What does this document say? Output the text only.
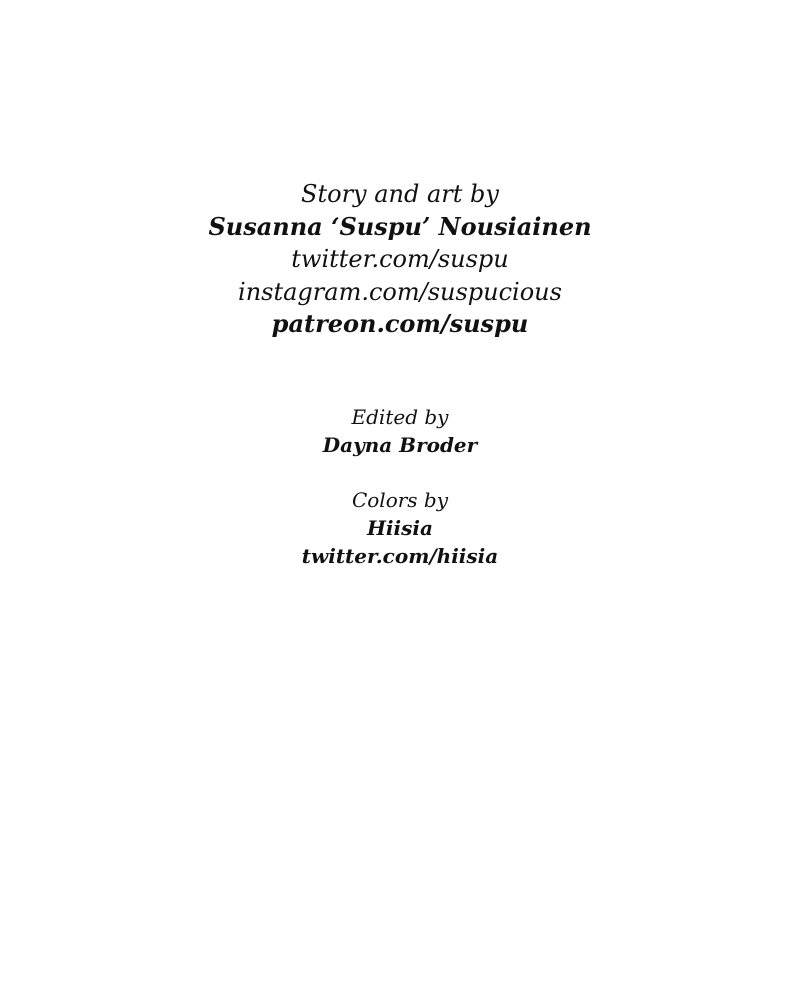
Story and art by

Susanna ‘Suspu’ Nousiainen

twitter.com/suspu

instagram.com/suspucious

patreon.com/suspu

Edited by

Dayna Broder

Colors by

Hiisia

twitter.com/hiisia
